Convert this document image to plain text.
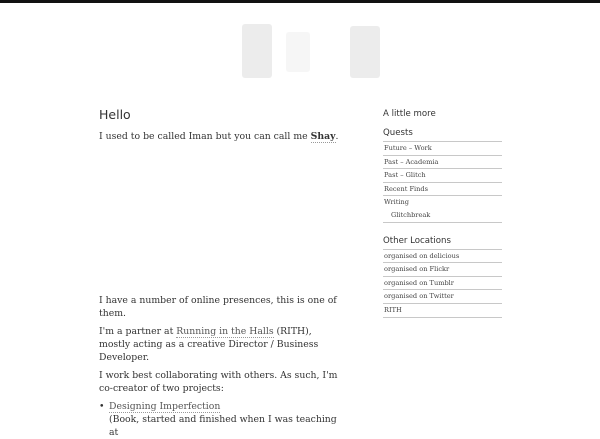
Hello

I used to be called Iman but you can call me Shay.

I have a number of online presences, this is one of them.

I'm a partner at Running in the Halls (RITH), mostly acting as a creative Director / Business Developer.

I work best collaborating with others. As such, I'm co-creator of two projects:

• Designing Imperfection
(Book, started and finished when I was teaching at
A little more
Quests
Future – Work
Past – Academia
Past – Glitch
Recent Finds
Writing
Glitchbreak
Other Locations
organised on delicious
organised on Flickr
organised on Tumblr
organised on Twitter
RITH
